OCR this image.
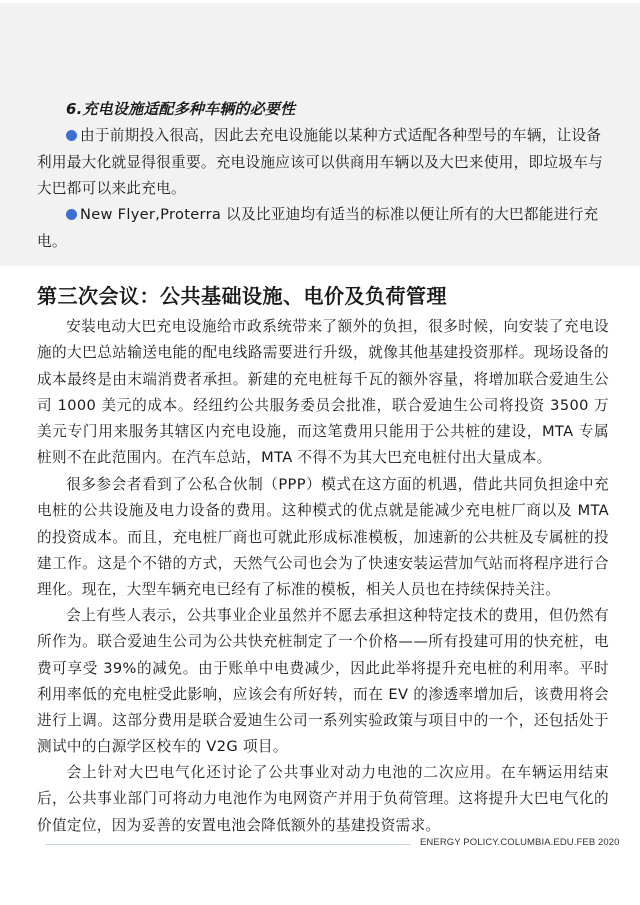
6.充电设施适配多种车辆的必要性
由于前期投入很高，因此去充电设施能以某种方式适配各种型号的车辆，让设备利用最大化就显得很重要。充电设施应该可以供商用车辆以及大巴来使用，即垃圾车与大巴都可以来此充电。
New Flyer,Proterra 以及比亚迪均有适当的标准以便让所有的大巴都能进行充电。
第三次会议：公共基础设施、电价及负荷管理
安装电动大巴充电设施给市政系统带来了额外的负担，很多时候，向安装了充电设施的大巴总站输送电能的配电线路需要进行升级，就像其他基建投资那样。现场设备的成本最终是由末端消费者承担。新建的充电桩每千瓦的额外容量，将增加联合爱迪生公司 1000 美元的成本。经纽约公共服务委员会批准，联合爱迪生公司将投资 3500 万美元专门用来服务其辖区内充电设施，而这笔费用只能用于公共桩的建设，MTA 专属桩则不在此范围内。在汽车总站，MTA 不得不为其大巴充电桩付出大量成本。
很多参会者看到了公私合伙制（PPP）模式在这方面的机遇，借此共同负担途中充电桩的公共设施及电力设备的费用。这种模式的优点就是能减少充电桩厂商以及 MTA 的投资成本。而且，充电桩厂商也可就此形成标准模板，加速新的公共桩及专属桩的投建工作。这是个不错的方式，天然气公司也会为了快速安装运营加气站而将程序进行合理化。现在，大型车辆充电已经有了标准的模板，相关人员也在持续保持关注。
会上有些人表示，公共事业企业虽然并不愿去承担这种特定技术的费用，但仍然有所作为。联合爱迪生公司为公共快充桩制定了一个价格——所有投建可用的快充桩，电费可享受 39%的减免。由于账单中电费减少，因此此举将提升充电桩的利用率。平时利用率低的充电桩受此影响，应该会有所好转，而在 EV 的渗透率增加后，该费用将会进行上调。这部分费用是联合爱迪生公司一系列实验政策与项目中的一个，还包括处于测试中的白源学区校车的 V2G 项目。
会上针对大巴电气化还讨论了公共事业对动力电池的二次应用。在车辆运用结束后，公共事业部门可将动力电池作为电网资产并用于负荷管理。这将提升大巴电气化的价值定位，因为妥善的安置电池会降低额外的基建投资需求。
ENERGY POLICY.COLUMBIA.EDU.FEB 2020
